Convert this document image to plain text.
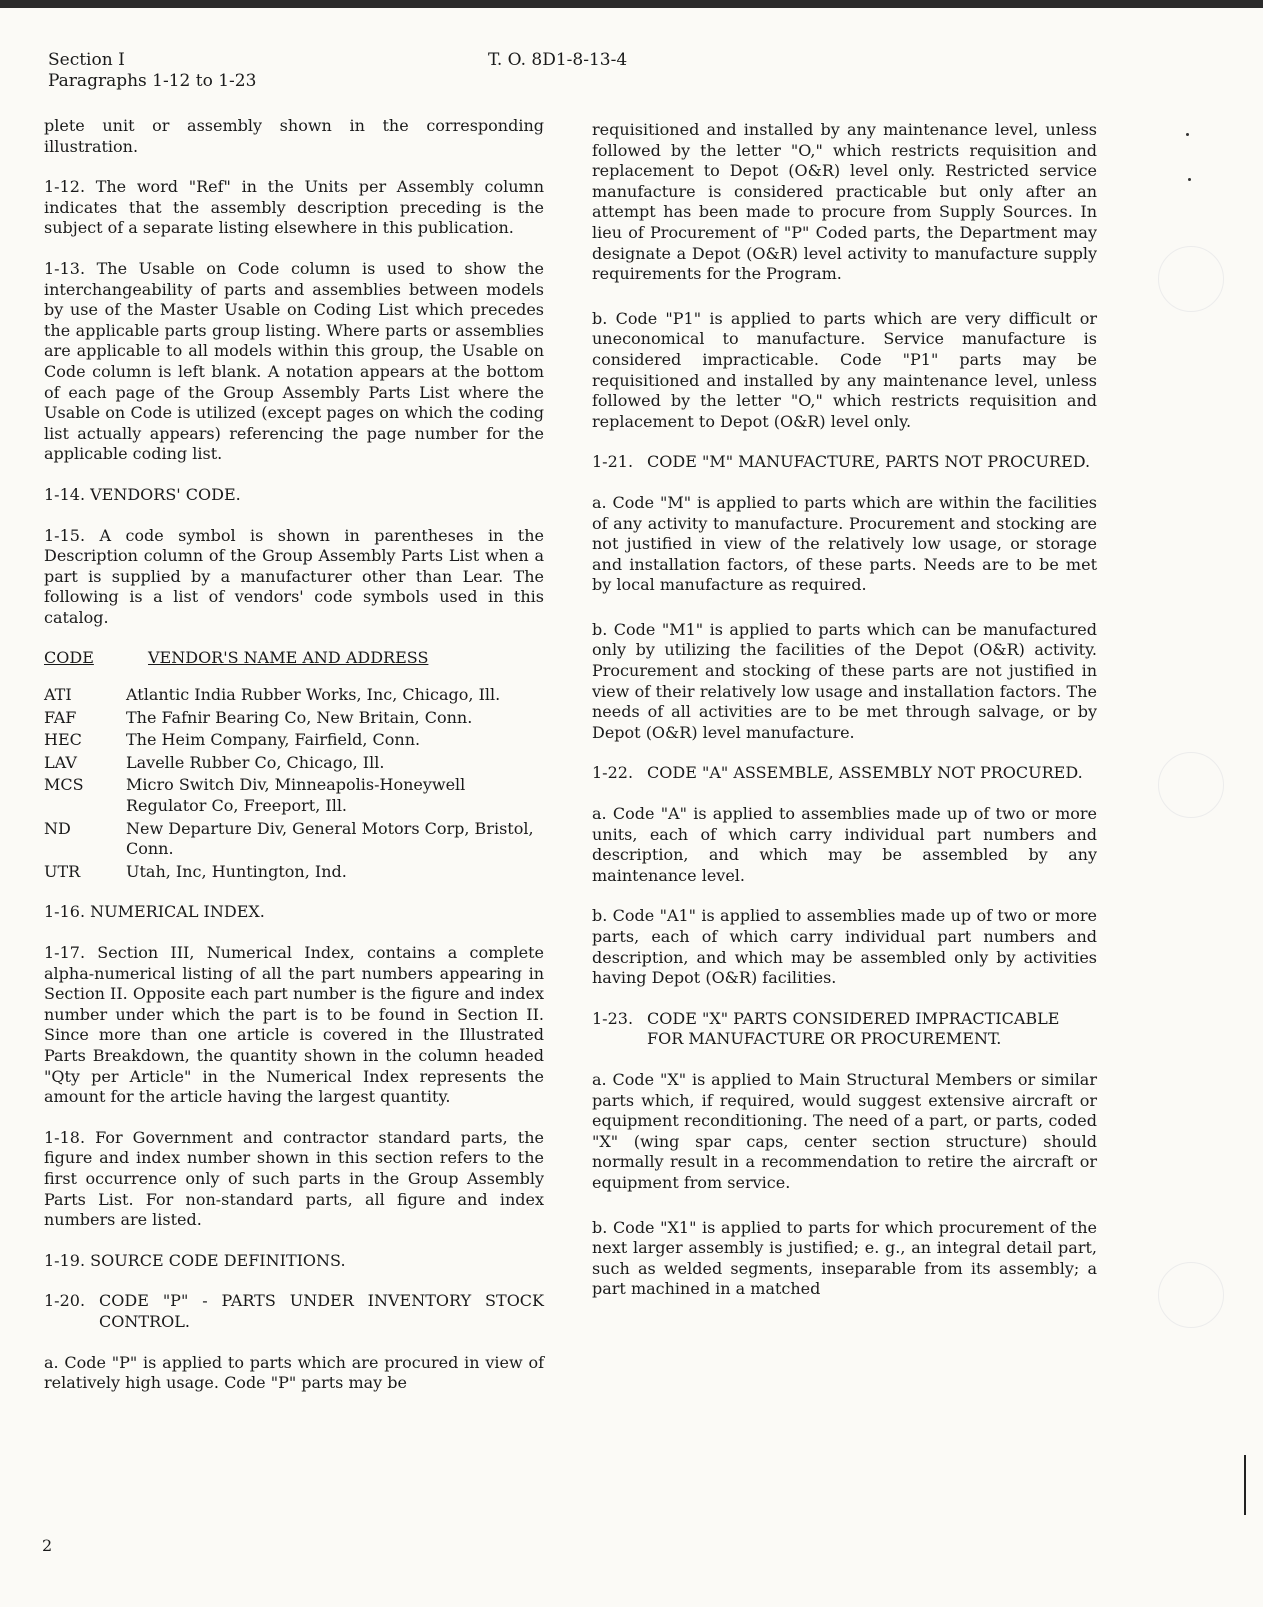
Section I
Paragraphs 1-12 to 1-23
T. O. 8D1-8-13-4

plete unit or assembly shown in the corresponding illustration.

1-12. The word "Ref" in the Units per Assembly column indicates that the assembly description preceding is the subject of a separate listing elsewhere in this publication.

1-13. The Usable on Code column is used to show the interchangeability of parts and assemblies between models by use of the Master Usable on Coding List which precedes the applicable parts group listing. Where parts or assemblies are applicable to all models within this group, the Usable on Code column is left blank. A notation appears at the bottom of each page of the Group Assembly Parts List where the Usable on Code is utilized (except pages on which the coding list actually appears) referencing the page number for the applicable coding list.

1-14. VENDORS' CODE.

1-15. A code symbol is shown in parentheses in the Description column of the Group Assembly Parts List when a part is supplied by a manufacturer other than Lear. The following is a list of vendors' code symbols used in this catalog.

CODE	VENDOR'S NAME AND ADDRESS
ATI	Atlantic India Rubber Works, Inc, Chicago, Ill.
FAF	The Fafnir Bearing Co, New Britain, Conn.
HEC	The Heim Company, Fairfield, Conn.
LAV	Lavelle Rubber Co, Chicago, Ill.
MCS	Micro Switch Div, Minneapolis-Honeywell Regulator Co, Freeport, Ill.
ND	New Departure Div, General Motors Corp, Bristol, Conn.
UTR	Utah, Inc, Huntington, Ind.

1-16. NUMERICAL INDEX.

1-17. Section III, Numerical Index, contains a complete alpha-numerical listing of all the part numbers appearing in Section II. Opposite each part number is the figure and index number under which the part is to be found in Section II. Since more than one article is covered in the Illustrated Parts Breakdown, the quantity shown in the column headed "Qty per Article" in the Numerical Index represents the amount for the article having the largest quantity.

1-18. For Government and contractor standard parts, the figure and index number shown in this section refers to the first occurrence only of such parts in the Group Assembly Parts List. For non-standard parts, all figure and index numbers are listed.

1-19. SOURCE CODE DEFINITIONS.

1-20. CODE "P" - PARTS UNDER INVENTORY STOCK CONTROL.

a. Code "P" is applied to parts which are procured in view of relatively high usage. Code "P" parts may be

requisitioned and installed by any maintenance level, unless followed by the letter "O," which restricts requisition and replacement to Depot (O&R) level only. Restricted service manufacture is considered practicable but only after an attempt has been made to procure from Supply Sources. In lieu of Procurement of "P" Coded parts, the Department may designate a Depot (O&R) level activity to manufacture supply requirements for the Program.

b. Code "P1" is applied to parts which are very difficult or uneconomical to manufacture. Service manufacture is considered impracticable. Code "P1" parts may be requisitioned and installed by any maintenance level, unless followed by the letter "O," which restricts requisition and replacement to Depot (O&R) level only.

1-21. CODE "M" MANUFACTURE, PARTS NOT PROCURED.

a. Code "M" is applied to parts which are within the facilities of any activity to manufacture. Procurement and stocking are not justified in view of the relatively low usage, or storage and installation factors, of these parts. Needs are to be met by local manufacture as required.

b. Code "M1" is applied to parts which can be manufactured only by utilizing the facilities of the Depot (O&R) activity. Procurement and stocking of these parts are not justified in view of their relatively low usage and installation factors. The needs of all activities are to be met through salvage, or by Depot (O&R) level manufacture.

1-22. CODE "A" ASSEMBLE, ASSEMBLY NOT PROCURED.

a. Code "A" is applied to assemblies made up of two or more units, each of which carry individual part numbers and description, and which may be assembled by any maintenance level.

b. Code "A1" is applied to assemblies made up of two or more parts, each of which carry individual part numbers and description, and which may be assembled only by activities having Depot (O&R) facilities.

1-23. CODE "X" PARTS CONSIDERED IMPRACTICABLE FOR MANUFACTURE OR PROCUREMENT.

a. Code "X" is applied to Main Structural Members or similar parts which, if required, would suggest extensive aircraft or equipment reconditioning. The need of a part, or parts, coded "X" (wing spar caps, center section structure) should normally result in a recommendation to retire the aircraft or equipment from service.

b. Code "X1" is applied to parts for which procurement of the next larger assembly is justified; e. g., an integral detail part, such as welded segments, inseparable from its assembly; a part machined in a matched

2
